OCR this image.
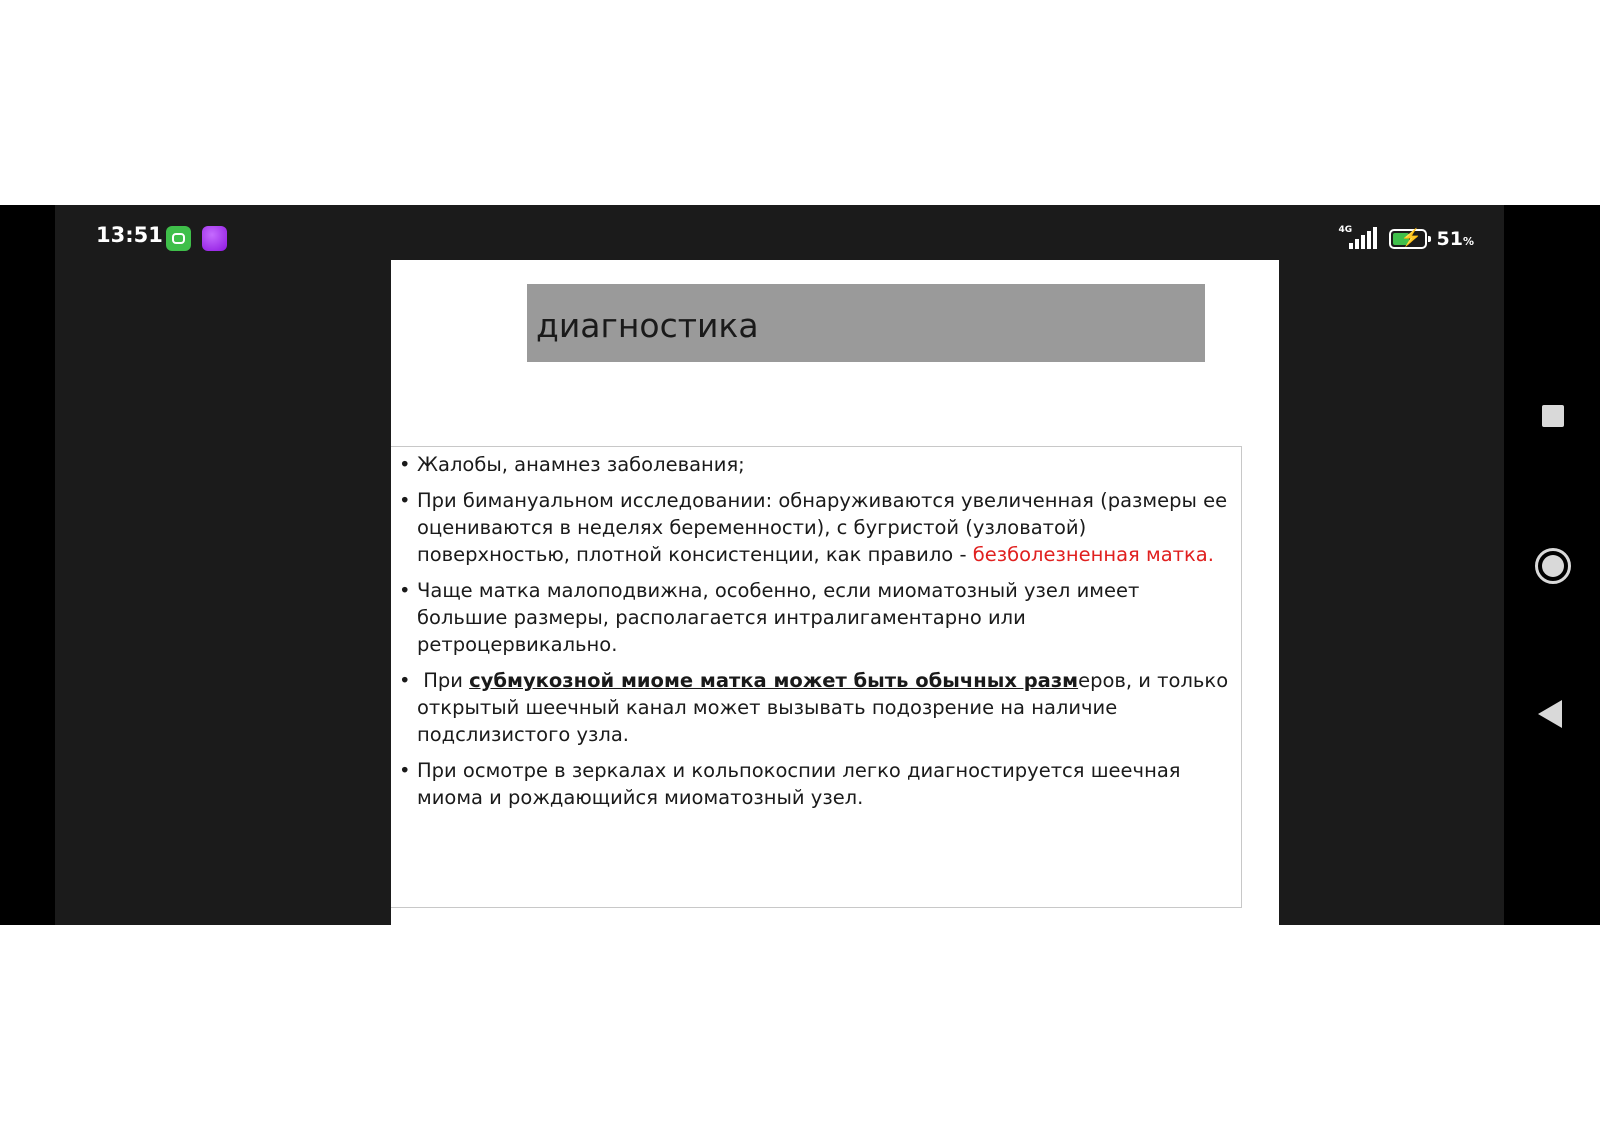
13:51	4G	⚡ 51%
диагностика
• Жалобы, анамнез заболевания;
• При бимануальном исследовании: обнаруживаются увеличенная (размеры ее оцениваются в неделях беременности), с бугристой (узловатой) поверхностью, плотной консистенции, как правило - безболезненная матка.
• Чаще матка малоподвижна, особенно, если миоматозный узел имеет большие размеры, располагается интралигаментарно или ретроцервикально.
•  При субмукозной миоме матка может быть обычных размеров, и только открытый шеечный канал может вызывать подозрение на наличие подслизистого узла.
• При осмотре в зеркалах и кольпокоспии легко диагностируется шеечная миома и рождающийся миоматозный узел.
